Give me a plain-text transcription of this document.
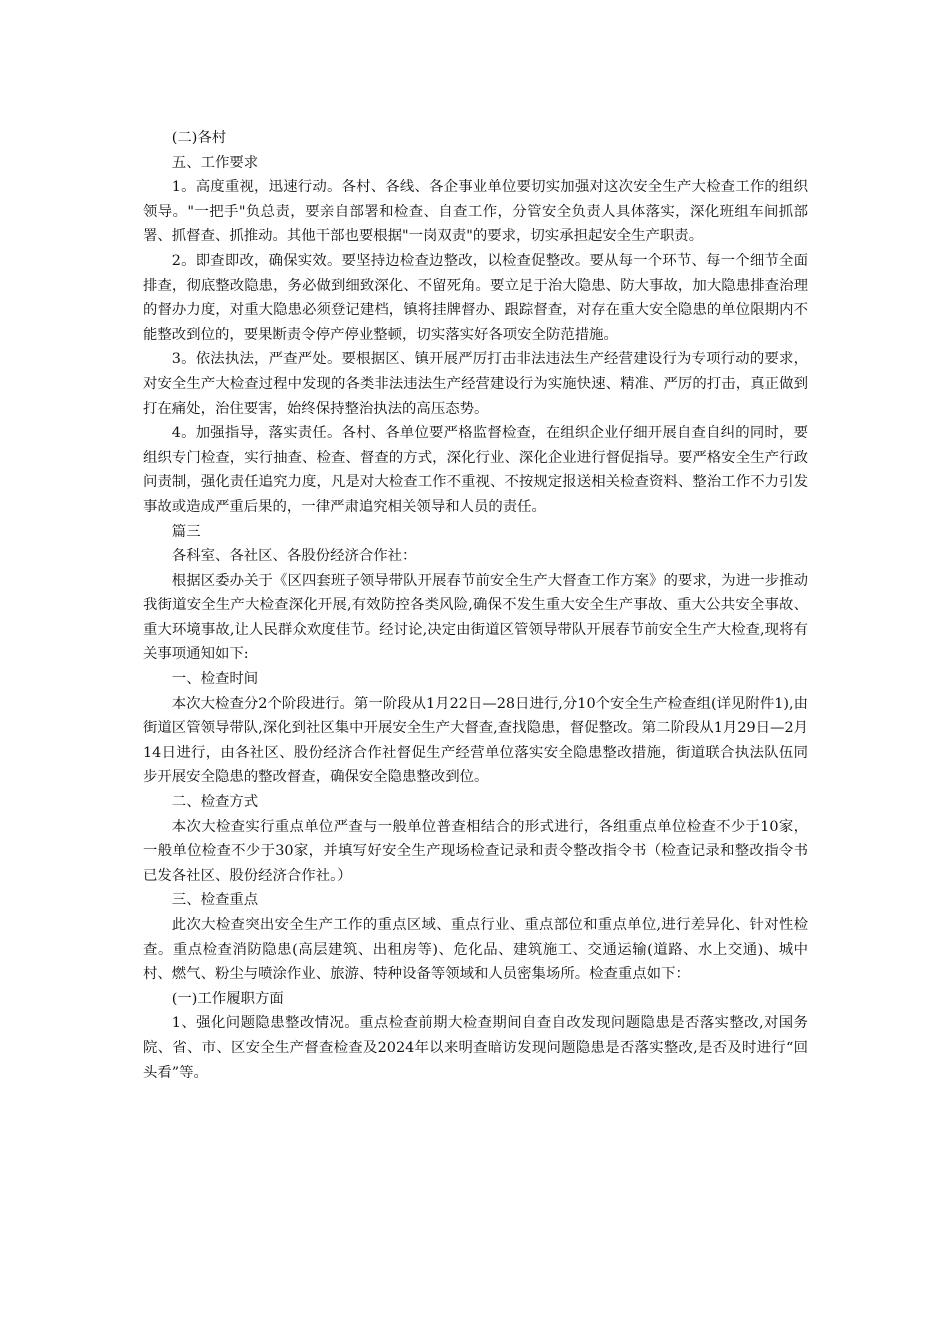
(二)各村

五、工作要求

1。高度重视，迅速行动。各村、各线、各企事业单位要切实加强对这次安全生产大检查工作的组织领导。"一把手"负总责，要亲自部署和检查、自查工作，分管安全负责人具体落实，深化班组车间抓部署、抓督查、抓推动。其他干部也要根据"一岗双责"的要求，切实承担起安全生产职责。

2。即查即改，确保实效。要坚持边检查边整改，以检查促整改。要从每一个环节、每一个细节全面排查，彻底整改隐患，务必做到细致深化、不留死角。要立足于治大隐患、防大事故，加大隐患排查治理的督办力度，对重大隐患必须登记建档，镇将挂牌督办、跟踪督查，对存在重大安全隐患的单位限期内不能整改到位的，要果断责令停产停业整顿，切实落实好各项安全防范措施。

3。依法执法，严查严处。要根据区、镇开展严厉打击非法违法生产经营建设行为专项行动的要求，对安全生产大检查过程中发现的各类非法违法生产经营建设行为实施快速、精准、严厉的打击，真正做到打在痛处，治住要害，始终保持整治执法的高压态势。

4。加强指导，落实责任。各村、各单位要严格监督检查，在组织企业仔细开展自查自纠的同时，要组织专门检查，实行抽查、检查、督查的方式，深化行业、深化企业进行督促指导。要严格安全生产行政问责制，强化责任追究力度，凡是对大检查工作不重视、不按规定报送相关检查资料、整治工作不力引发事故或造成严重后果的，一律严肃追究相关领导和人员的责任。

篇三

各科室、各社区、各股份经济合作社：

根据区委办关于《区四套班子领导带队开展春节前安全生产大督查工作方案》的要求，为进一步推动我街道安全生产大检查深化开展,有效防控各类风险,确保不发生重大安全生产事故、重大公共安全事故、重大环境事故,让人民群众欢度佳节。经讨论,决定由街道区管领导带队开展春节前安全生产大检查,现将有关事项通知如下:

一、检查时间

本次大检查分2个阶段进行。第一阶段从1月22日—28日进行,分10个安全生产检查组(详见附件1),由街道区管领导带队,深化到社区集中开展安全生产大督查,查找隐患，督促整改。第二阶段从1月29日—2月14日进行，由各社区、股份经济合作社督促生产经营单位落实安全隐患整改措施，街道联合执法队伍同步开展安全隐患的整改督查，确保安全隐患整改到位。

二、检查方式

本次大检查实行重点单位严查与一般单位普查相结合的形式进行，各组重点单位检查不少于10家，一般单位检查不少于30家，并填写好安全生产现场检查记录和责令整改指令书（检查记录和整改指令书已发各社区、股份经济合作社。）

三、检查重点

此次大检查突出安全生产工作的重点区域、重点行业、重点部位和重点单位,进行差异化、针对性检查。重点检查消防隐患(高层建筑、出租房等)、危化品、建筑施工、交通运输(道路、水上交通)、城中村、燃气、粉尘与喷涂作业、旅游、特种设备等领域和人员密集场所。检查重点如下：

(一)工作履职方面

1、强化问题隐患整改情况。重点检查前期大检查期间自查自改发现问题隐患是否落实整改,对国务院、省、市、区安全生产督查检查及2024年以来明查暗访发现问题隐患是否落实整改,是否及时进行“回头看”等。
